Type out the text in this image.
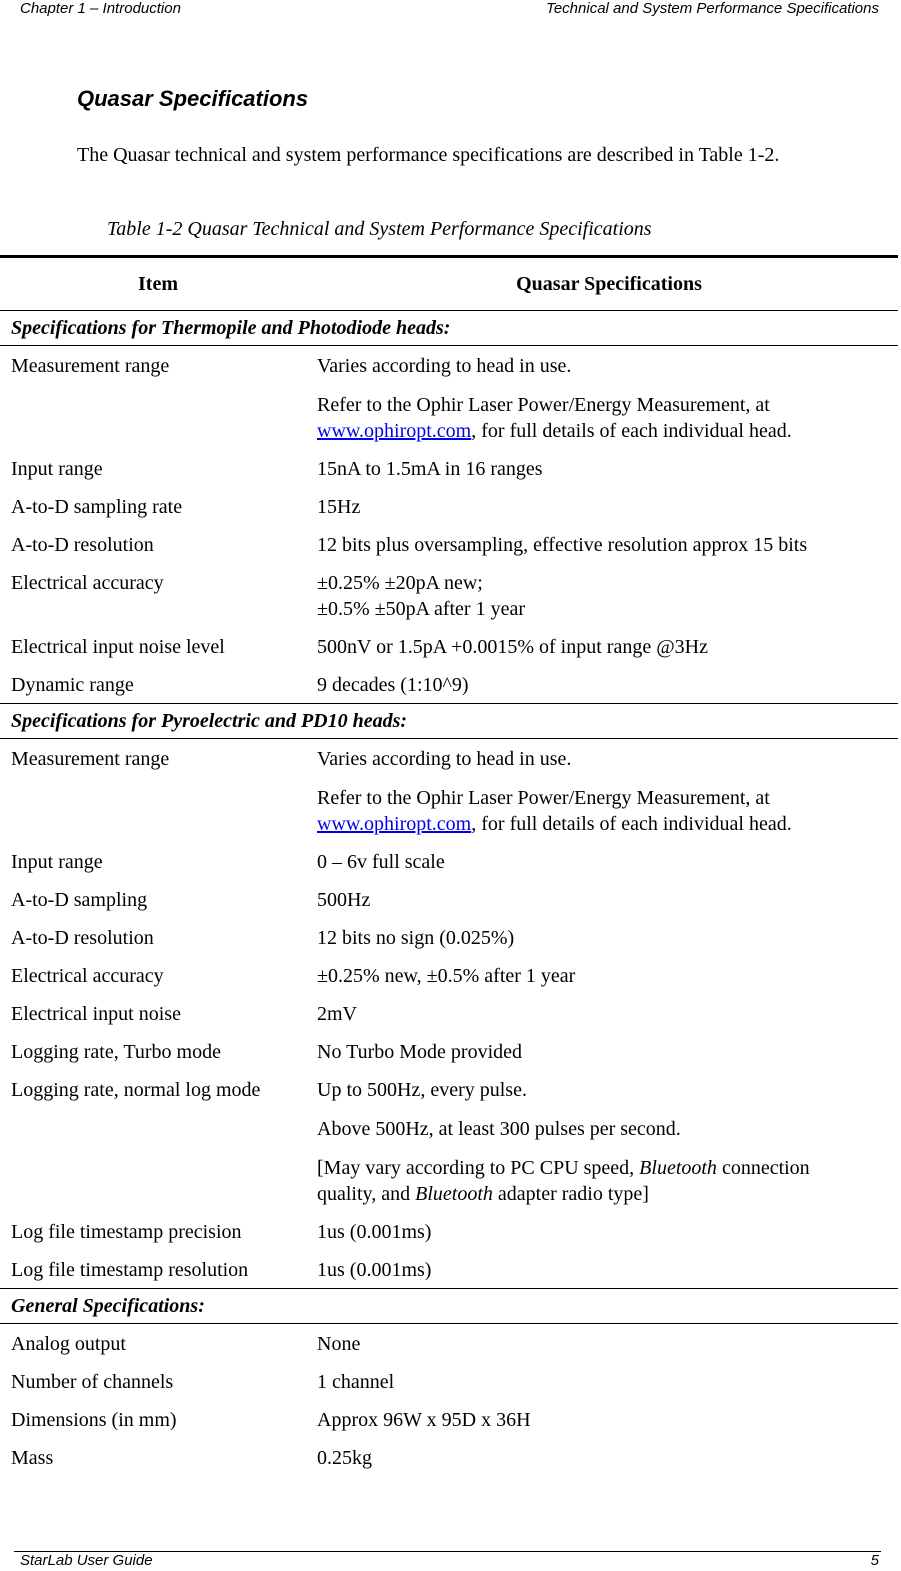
Chapter 1 – Introduction	Technical and System Performance Specifications
Quasar Specifications
The Quasar technical and system performance specifications are described in Table 1-2.
Table 1-2 Quasar Technical and System Performance Specifications
Item	Quasar Specifications
Specifications for Thermopile and Photodiode heads:
Measurement range	Varies according to head in use.
Refer to the Ophir Laser Power/Energy Measurement, at
www.ophiropt.com, for full details of each individual head.
Input range	15nA to 1.5mA in 16 ranges
A-to-D sampling rate	15Hz
A-to-D resolution	12 bits plus oversampling, effective resolution approx 15 bits
Electrical accuracy	±0.25% ±20pA new;
±0.5% ±50pA after 1 year
Electrical input noise level	500nV or 1.5pA +0.0015% of input range @3Hz
Dynamic range	9 decades (1:10^9)
Specifications for Pyroelectric and PD10 heads:
Measurement range	Varies according to head in use.
Refer to the Ophir Laser Power/Energy Measurement, at
www.ophiropt.com, for full details of each individual head.
Input range	0 – 6v full scale
A-to-D sampling	500Hz
A-to-D resolution	12 bits no sign (0.025%)
Electrical accuracy	±0.25% new, ±0.5% after 1 year
Electrical input noise	2mV
Logging rate, Turbo mode	No Turbo Mode provided
Logging rate, normal log mode	Up to 500Hz, every pulse.
Above 500Hz, at least 300 pulses per second.
[May vary according to PC CPU speed, Bluetooth connection
quality, and Bluetooth adapter radio type]
Log file timestamp precision	1us (0.001ms)
Log file timestamp resolution	1us (0.001ms)
General Specifications:
Analog output	None
Number of channels	1 channel
Dimensions (in mm)	Approx 96W x 95D x 36H
Mass	0.25kg
StarLab User Guide	5
